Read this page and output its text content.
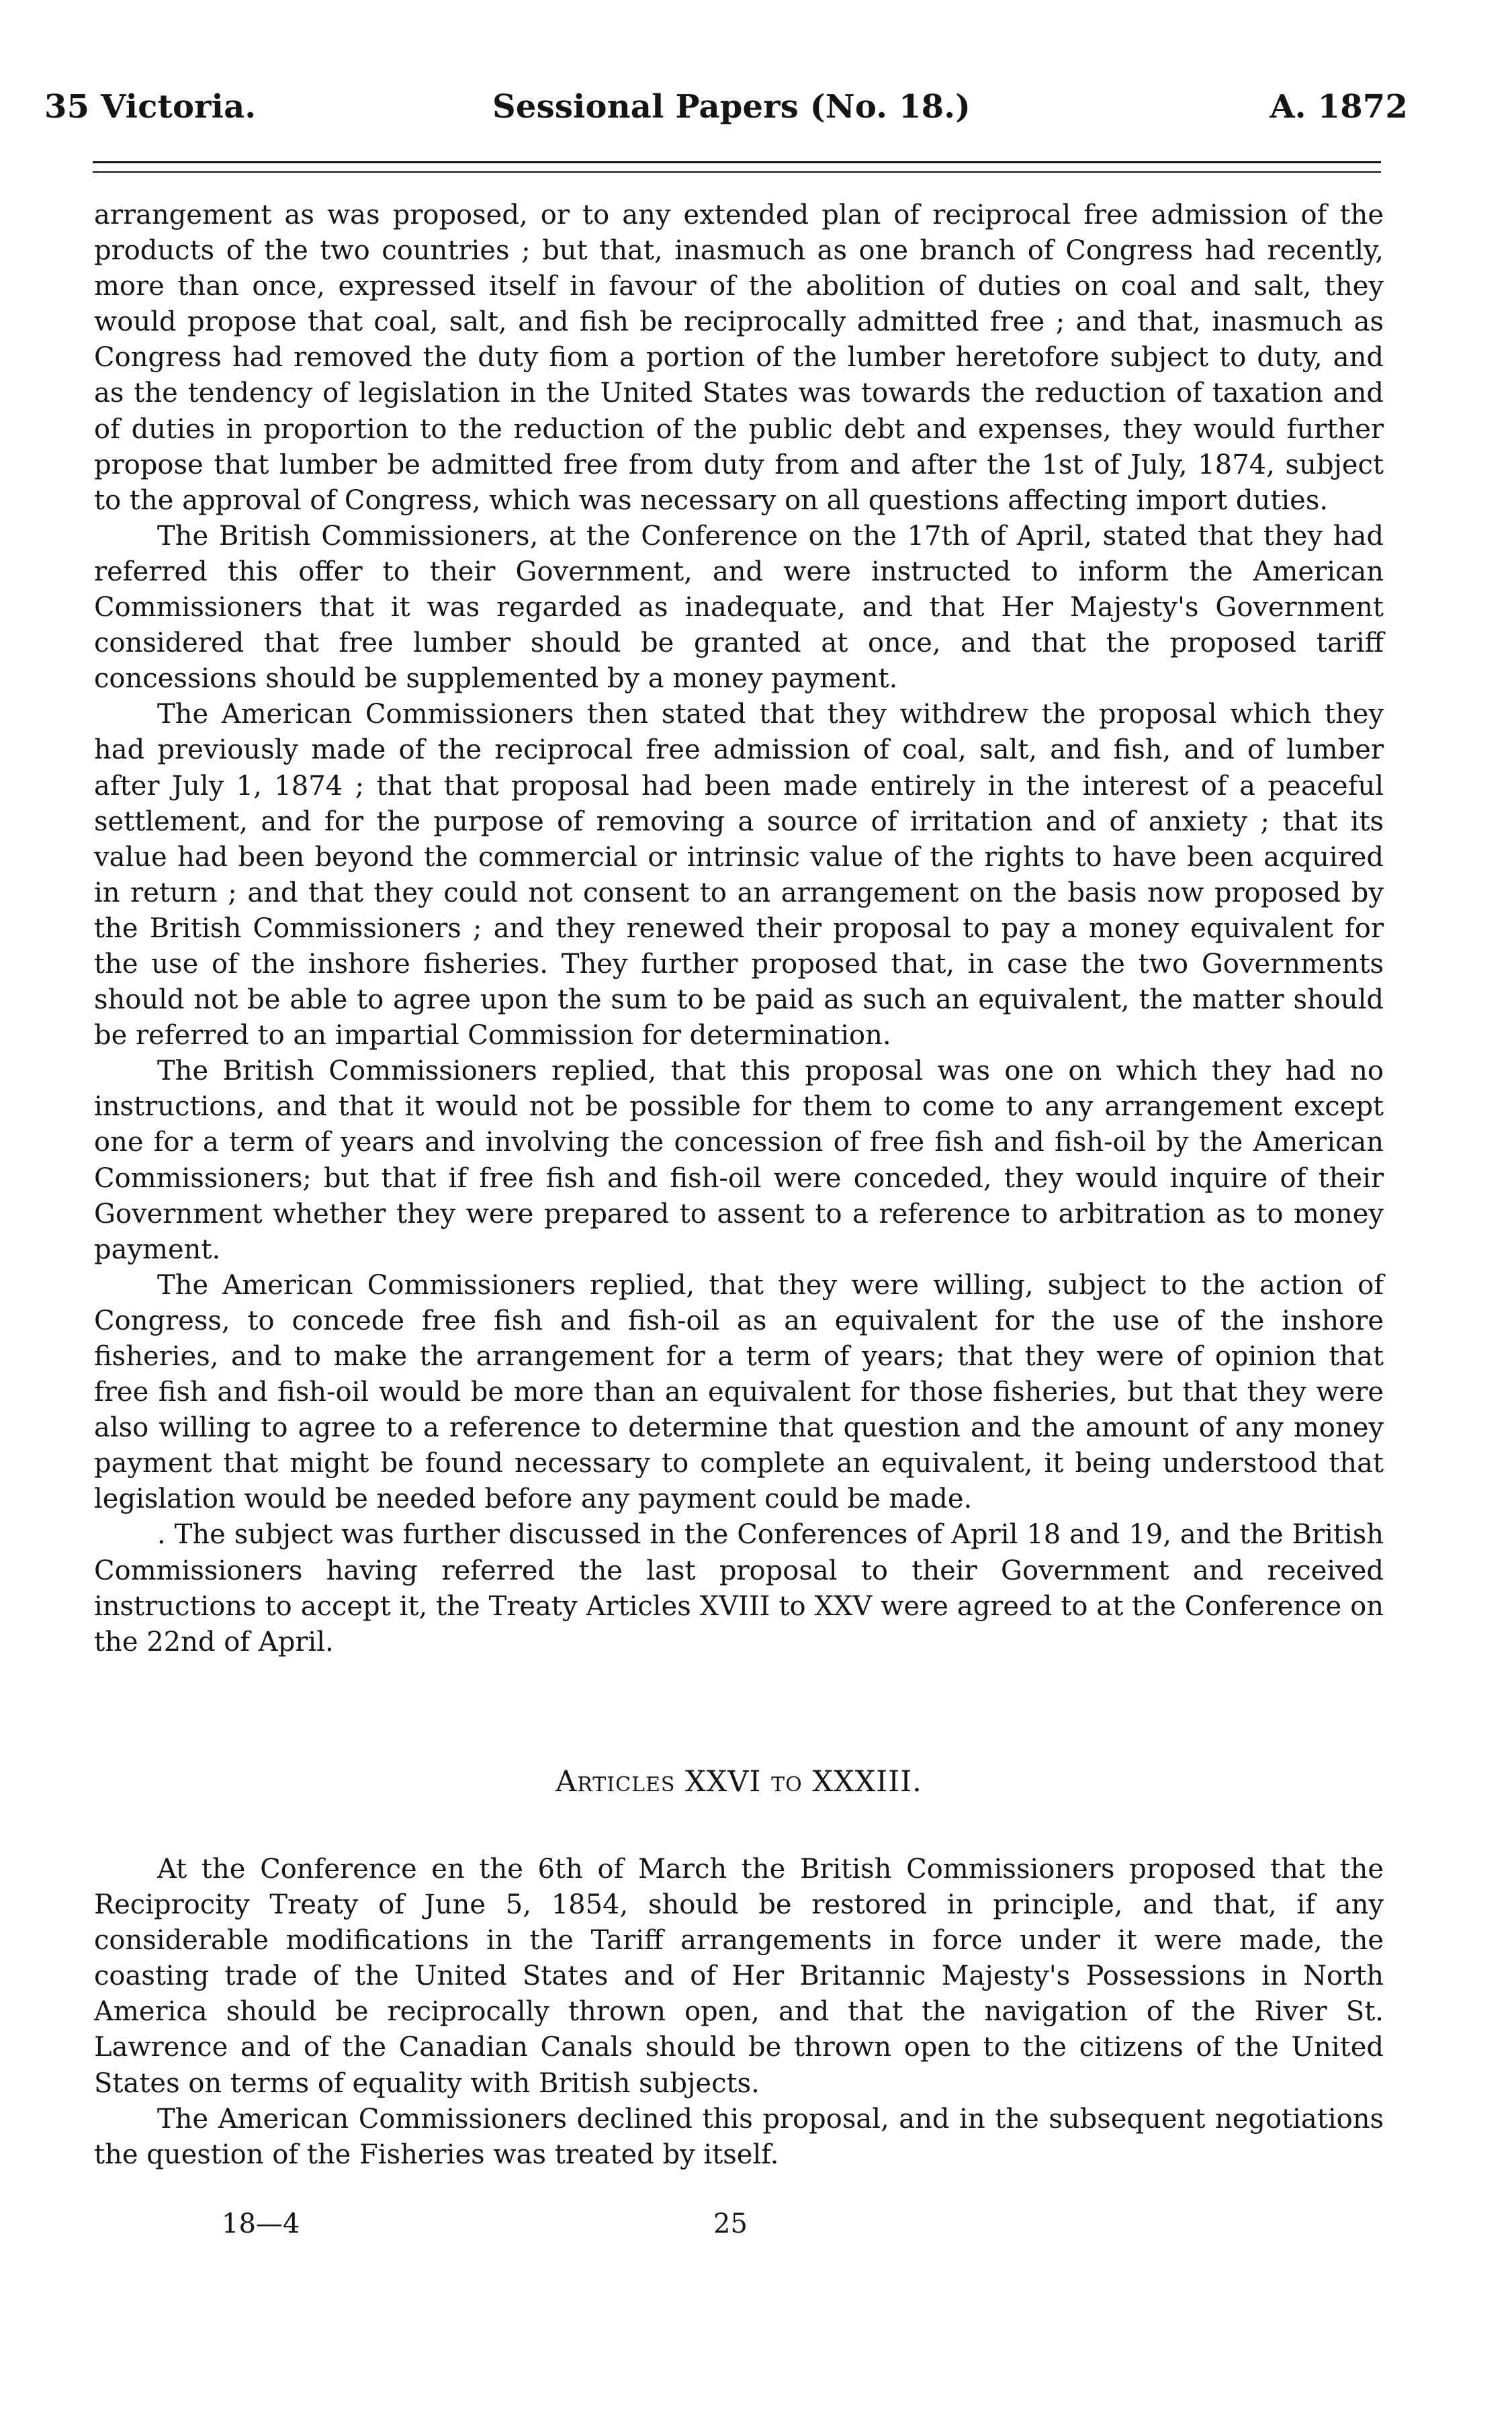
35 Victoria.	Sessional Papers (No. 18.)	A. 1872

arrangement as was proposed, or to any extended plan of reciprocal free admission of the products of the two countries ; but that, inasmuch as one branch of Congress had recently, more than once, expressed itself in favour of the abolition of duties on coal and salt, they would propose that coal, salt, and fish be reciprocally admitted free ; and that, inasmuch as Congress had removed the duty fiom a portion of the lumber heretofore subject to duty, and as the tendency of legislation in the United States was towards the reduction of taxation and of duties in proportion to the reduction of the public debt and expenses, they would further propose that lumber be admitted free from duty from and after the 1st of July, 1874, subject to the approval of Congress, which was necessary on all questions affecting import duties.

The British Commissioners, at the Conference on the 17th of April, stated that they had referred this offer to their Government, and were instructed to inform the American Commissioners that it was regarded as inadequate, and that Her Majesty's Government considered that free lumber should be granted at once, and that the proposed tariff concessions should be supplemented by a money payment.

The American Commissioners then stated that they withdrew the proposal which they had previously made of the reciprocal free admission of coal, salt, and fish, and of lumber after July 1, 1874 ; that that proposal had been made entirely in the interest of a peaceful settlement, and for the purpose of removing a source of irritation and of anxiety ; that its value had been beyond the commercial or intrinsic value of the rights to have been acquired in return ; and that they could not consent to an arrangement on the basis now proposed by the British Commissioners ; and they renewed their proposal to pay a money equivalent for the use of the inshore fisheries. They further proposed that, in case the two Governments should not be able to agree upon the sum to be paid as such an equivalent, the matter should be referred to an impartial Commission for determination.

The British Commissioners replied, that this proposal was one on which they had no instructions, and that it would not be possible for them to come to any arrangement except one for a term of years and involving the concession of free fish and fish-oil by the American Commissioners; but that if free fish and fish-oil were conceded, they would inquire of their Government whether they were prepared to assent to a reference to arbitration as to money payment.

The American Commissioners replied, that they were willing, subject to the action of Congress, to concede free fish and fish-oil as an equivalent for the use of the inshore fisheries, and to make the arrangement for a term of years; that they were of opinion that free fish and fish-oil would be more than an equivalent for those fisheries, but that they were also willing to agree to a reference to determine that question and the amount of any money payment that might be found necessary to complete an equivalent, it being understood that legislation would be needed before any payment could be made.

. The subject was further discussed in the Conferences of April 18 and 19, and the British Commissioners having referred the last proposal to their Government and received instructions to accept it, the Treaty Articles XVIII to XXV were agreed to at the Conference on the 22nd of April.

Articles XXVI to XXXIII.

At the Conference en the 6th of March the British Commissioners proposed that the Reciprocity Treaty of June 5, 1854, should be restored in principle, and that, if any considerable modifications in the Tariff arrangements in force under it were made, the coasting trade of the United States and of Her Britannic Majesty's Possessions in North America should be reciprocally thrown open, and that the navigation of the River St. Lawrence and of the Canadian Canals should be thrown open to the citizens of the United States on terms of equality with British subjects.

The American Commissioners declined this proposal, and in the subsequent negotiations the question of the Fisheries was treated by itself.

18—4	25
